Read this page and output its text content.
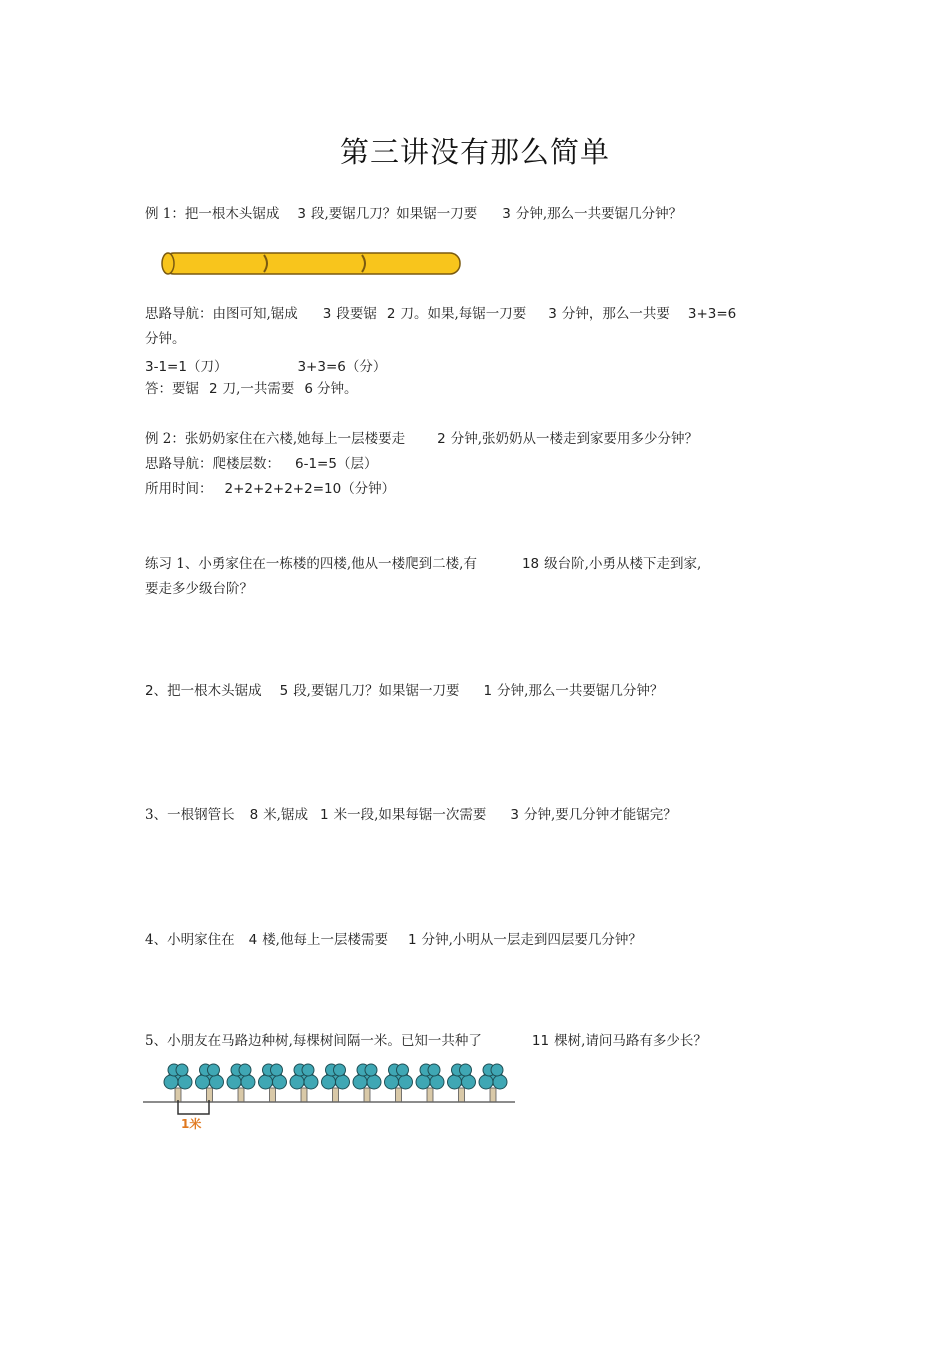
第三讲没有那么简单
例 1：把一根木头锯成 3 段,要锯几刀？如果锯一刀要 3 分钟,那么一共要锯几分钟？
思路导航：由图可知,锯成 3 段要锯 2 刀。如果,每锯一刀要 3 分钟，那么一共要 3+3=6
分钟。
3-1=1（刀）	3+3=6（分）
答：要锯 2 刀,一共需要 6 分钟。
例 2：张奶奶家住在六楼,她每上一层楼要走 2 分钟,张奶奶从一楼走到家要用多少分钟？
思路导航：爬楼层数： 6-1=5（层）
所用时间： 2+2+2+2+2=10（分钟）
练习 1、小勇家住在一栋楼的四楼,他从一楼爬到二楼,有	18 级台阶,小勇从楼下走到家,
要走多少级台阶？
2、把一根木头锯成 5 段,要锯几刀？如果锯一刀要 1 分钟,那么一共要锯几分钟？
3、一根钢管长 8 米,锯成 1 米一段,如果每锯一次需要 3 分钟,要几分钟才能锯完？
4、小明家住在 4 楼,他每上一层楼需要 1 分钟,小明从一层走到四层要几分钟？
5、小朋友在马路边种树,每棵树间隔一米。已知一共种了	11 棵树,请问马路有多少长？
1米
